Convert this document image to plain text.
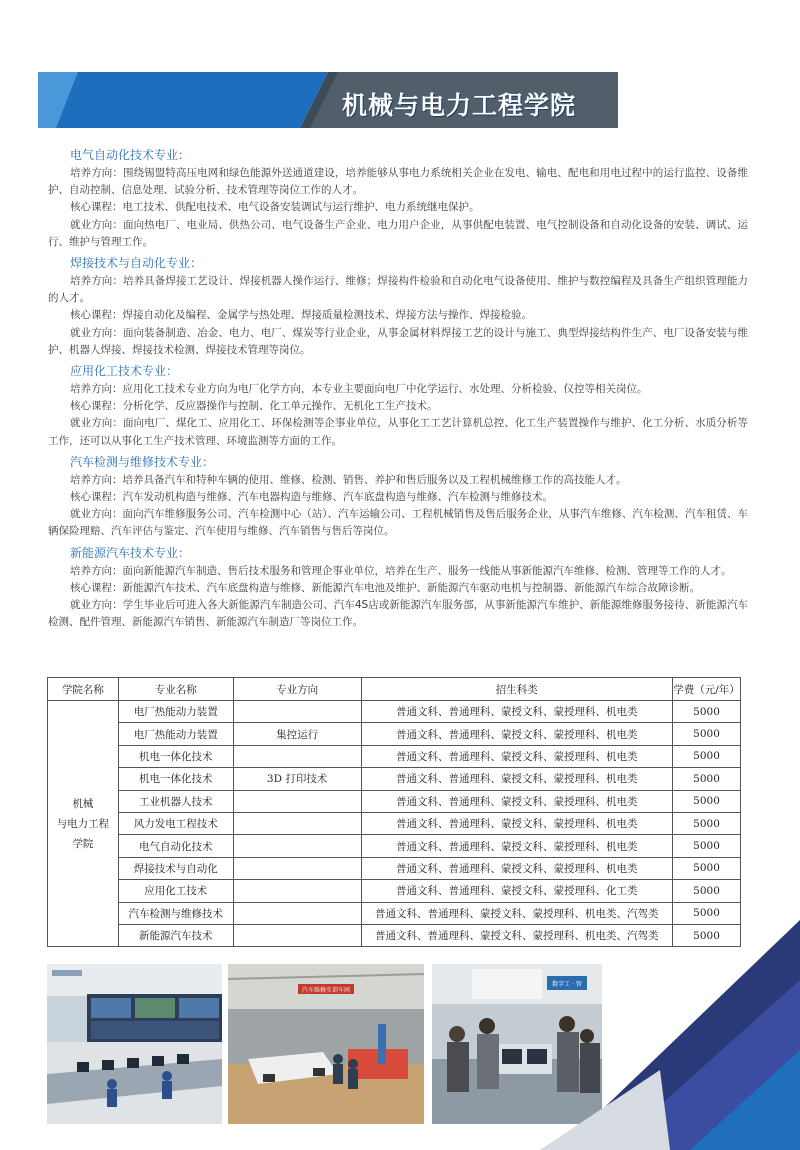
机械与电力工程学院
电气自动化技术专业：

培养方向：围绕锡盟特高压电网和绿色能源外送通道建设，培养能够从事电力系统相关企业在发电、输电、配电和用电过程中的运行监控、设备维护、自动控制、信息处理、试验分析、技术管理等岗位工作的人才。

核心课程：电工技术、供配电技术、电气设备安装调试与运行维护、电力系统继电保护。

就业方向：面向热电厂、电业局、供热公司、电气设备生产企业、电力用户企业，从事供配电装置、电气控制设备和自动化设备的安装、调试、运行、维护与管理工作。

焊接技术与自动化专业：

培养方向：培养具备焊接工艺设计、焊接机器人操作运行、维修；焊接构件检验和自动化电气设备使用、维护与数控编程及具备生产组织管理能力的人才。

核心课程：焊接自动化及编程、金属学与热处理、焊接质量检测技术、焊接方法与操作、焊接检验。

就业方向：面向装备制造、冶金、电力、电厂、煤炭等行业企业，从事金属材料焊接工艺的设计与施工、典型焊接结构件生产、电厂设备安装与维护、机器人焊接、焊接技术检测、焊接技术管理等岗位。

应用化工技术专业：

培养方向：应用化工技术专业方向为电厂化学方向，本专业主要面向电厂中化学运行、水处理、分析检验、仪控等相关岗位。

核心课程：分析化学、反应器操作与控制、化工单元操作、无机化工生产技术。

就业方向：面向电厂、煤化工、应用化工、环保检测等企事业单位，从事化工工艺计算机总控、化工生产装置操作与维护、化工分析、水质分析等工作，还可以从事化工生产技术管理、环境监测等方面的工作。

汽车检测与维修技术专业：

培养方向：培养具备汽车和特种车辆的使用、维修、检测、销售、养护和售后服务以及工程机械维修工作的高技能人才。

核心课程：汽车发动机构造与维修、汽车电器构造与维修、汽车底盘构造与维修、汽车检测与维修技术。

就业方向：面向汽车维修服务公司、汽车检测中心（站）、汽车运输公司、工程机械销售及售后服务企业，从事汽车维修、汽车检测、汽车租赁、车辆保险理赔、汽车评估与鉴定、汽车使用与维修、汽车销售与售后等岗位。

新能源汽车技术专业：

培养方向：面向新能源汽车制造、售后技术服务和管理企事业单位，培养在生产、服务一线能从事新能源汽车维修、检测、管理等工作的人才。

核心课程：新能源汽车技术、汽车底盘构造与维修、新能源汽车电池及维护、新能源汽车驱动电机与控制器、新能源汽车综合故障诊断。

就业方向：学生毕业后可进入各大新能源汽车制造公司、汽车4S店或新能源汽车服务部，从事新能源汽车维护、新能源维修服务接待、新能源汽车检测、配件管理、新能源汽车销售、新能源汽车制造厂等岗位工作。

学院名称	专业名称	专业方向	招生科类	学费（元/年）
机械
与电力工程
学院	电厂热能动力装置		普通文科、普通理科、蒙授文科、蒙授理科、机电类	5000
	电厂热能动力装置	集控运行	普通文科、普通理科、蒙授文科、蒙授理科、机电类	5000
	机电一体化技术		普通文科、普通理科、蒙授文科、蒙授理科、机电类	5000
	机电一体化技术	3D 打印技术	普通文科、普通理科、蒙授文科、蒙授理科、机电类	5000
	工业机器人技术		普通文科、普通理科、蒙授文科、蒙授理科、机电类	5000
	风力发电工程技术		普通文科、普通理科、蒙授文科、蒙授理科、机电类	5000
	电气自动化技术		普通文科、普通理科、蒙授文科、蒙授理科、机电类	5000
	焊接技术与自动化		普通文科、普通理科、蒙授文科、蒙授理科、机电类	5000
	应用化工技术		普通文科、普通理科、蒙授文科、蒙授理科、化工类	5000
	汽车检测与维修技术		普通文科、普通理科、蒙授文科、蒙授理科、机电类、汽驾类	5000
	新能源汽车技术		普通文科、普通理科、蒙授文科、蒙授理科、机电类、汽驾类	5000
汽车维修实训车间
数字工 · 智
